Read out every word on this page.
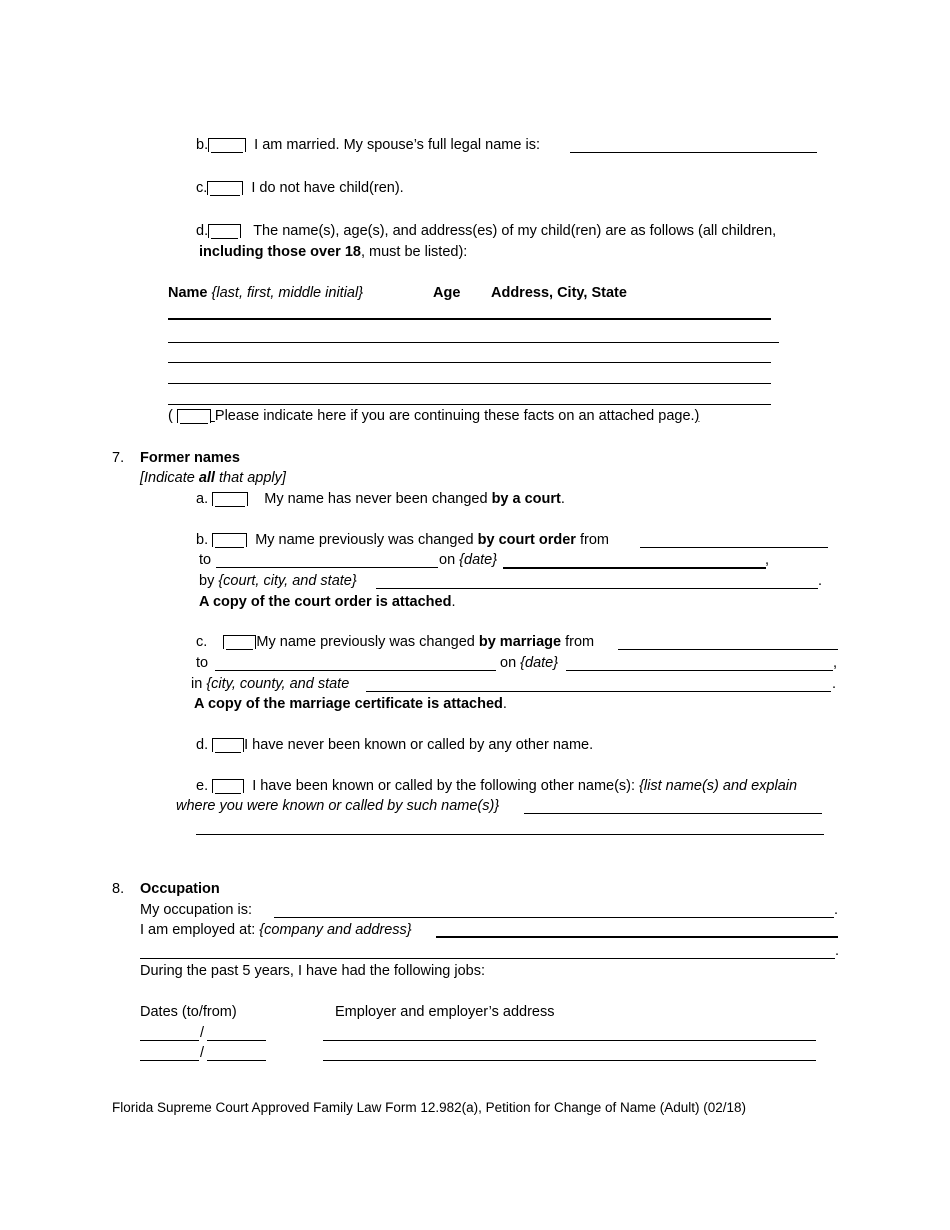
b.	I am married. My spouse’s full legal name is:
c.	I do not have child(ren).
d.	The name(s), age(s), and address(es) of my child(ren) are as follows (all children,
including those over 18, must be listed):
Name {last, first, middle initial}	Age Address, City, State
(	Please indicate here if you are continuing these facts on an attached page.)
7. Former names
[Indicate all that apply]
a.	My name has never been changed by a court.
b.	My name previously was changed by court order from
to	on {date}	,
by {court, city, and state}	.
A copy of the court order is attached.
c.	My name previously was changed by marriage from
to	on {date}	,
in {city, county, and state	.
A copy of the marriage certificate is attached.
d. I have never been known or called by any other name.
e.	I have been known or called by the following other name(s): {list name(s) and explain
where you were known or called by such name(s)}
8. Occupation
My occupation is:	.
I am employed at: {company and address}
.
During the past 5 years, I have had the following jobs:
Dates (to/from)	Employer and employer’s address
/
/
Florida Supreme Court Approved Family Law Form 12.982(a), Petition for Change of Name (Adult) (02/18)
